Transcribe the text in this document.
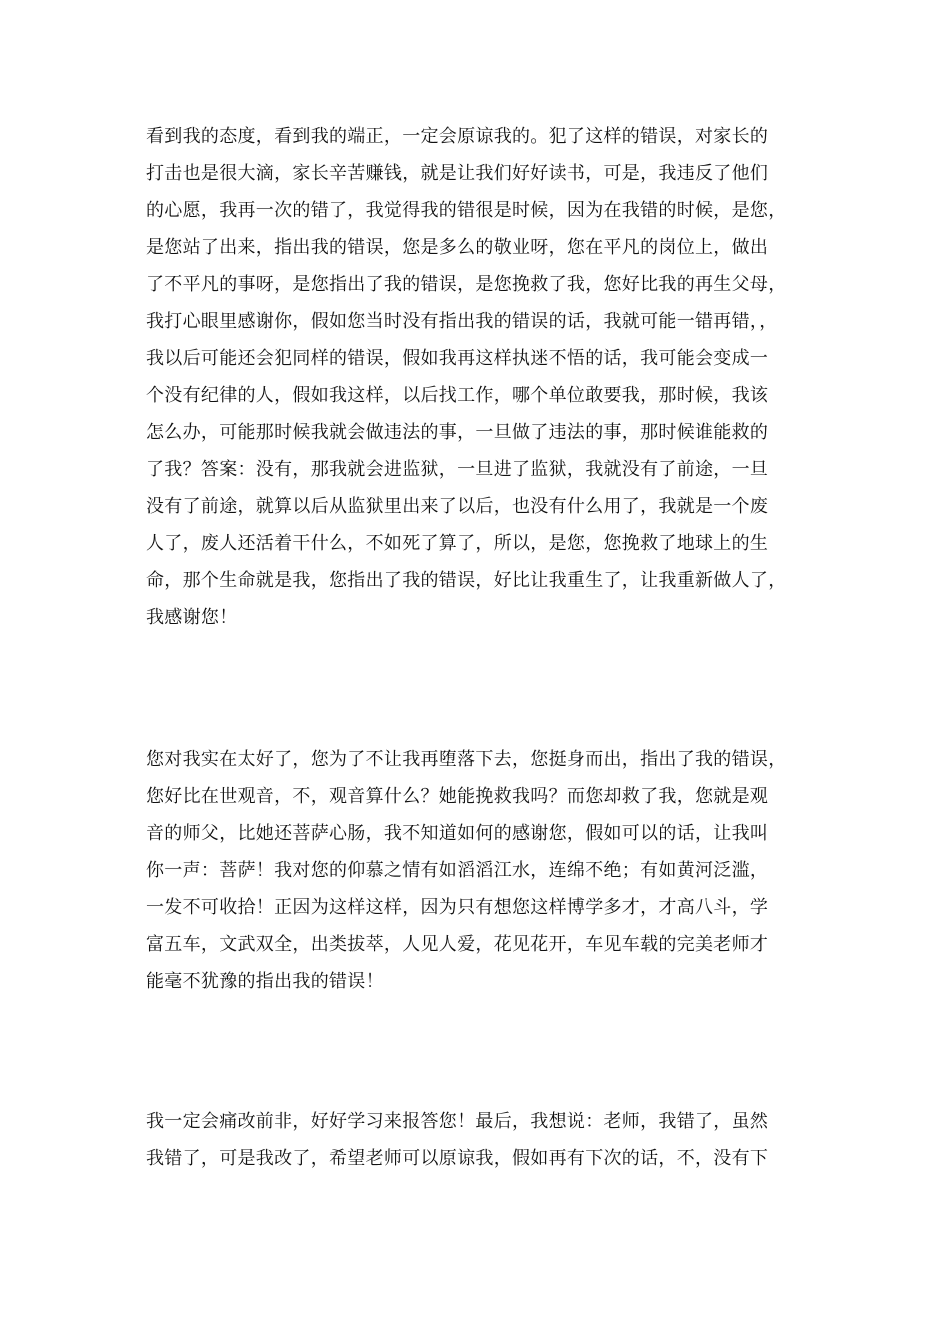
看到我的态度，看到我的端正，一定会原谅我的。犯了这样的错误，对家长的
打击也是很大滴，家长辛苦赚钱，就是让我们好好读书，可是，我违反了他们
的心愿，我再一次的错了，我觉得我的错很是时候，因为在我错的时候，是您，
是您站了出来，指出我的错误，您是多么的敬业呀，您在平凡的岗位上，做出
了不平凡的事呀，是您指出了我的错误，是您挽救了我，您好比我的再生父母，
我打心眼里感谢你，假如您当时没有指出我的错误的话，我就可能一错再错，，
我以后可能还会犯同样的错误，假如我再这样执迷不悟的话，我可能会变成一
个没有纪律的人，假如我这样，以后找工作，哪个单位敢要我，那时候，我该
怎么办，可能那时候我就会做违法的事，一旦做了违法的事，那时候谁能救的
了我？答案：没有，那我就会进监狱，一旦进了监狱，我就没有了前途，一旦
没有了前途，就算以后从监狱里出来了以后，也没有什么用了，我就是一个废
人了，废人还活着干什么，不如死了算了，所以，是您，您挽救了地球上的生
命，那个生命就是我，您指出了我的错误，好比让我重生了，让我重新做人了，
我感谢您！
您对我实在太好了，您为了不让我再堕落下去，您挺身而出，指出了我的错误，
您好比在世观音，不，观音算什么？她能挽救我吗？而您却救了我，您就是观
音的师父，比她还菩萨心肠，我不知道如何的感谢您，假如可以的话，让我叫
你一声：菩萨！我对您的仰慕之情有如滔滔江水，连绵不绝；有如黄河泛滥，
一发不可收拾！正因为这样这样，因为只有想您这样博学多才，才高八斗，学
富五车，文武双全，出类拔萃，人见人爱，花见花开，车见车载的完美老师才
能毫不犹豫的指出我的错误！
我一定会痛改前非，好好学习来报答您！最后，我想说：老师，我错了，虽然
我错了，可是我改了，希望老师可以原谅我，假如再有下次的话，不，没有下
